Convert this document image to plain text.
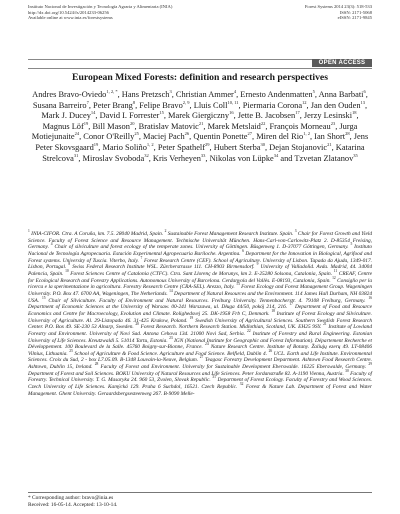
Instituto Nacional de Investigación y Tecnología Agraria y Alimentaria (INIA)
http://dx.doi.org/10.5424/fs/2014233-06256
Available online at www.inia.es/forestsystems
Forest Systems 2014 23(3): 518-533
ISSN: 2171-5068
eISSN: 2171-9845
OPEN ACCESS
European Mixed Forests: definition and research perspectives
Andres Bravo-Oviedo$^{1, 2, *}$, Hans Pretzsch$^3$, Christian Ammer$^4$, Ernesto Andenmatten$^5$, Anna Barbati$^6$, Susana Barreiro$^7$, Peter Brang$^8$, Felipe Bravo$^{2, 9}$, Lluis Coll$^{10, 11}$, Piermaria Corona$^{12}$, Jan den Ouden$^{13}$, Mark J. Ducey$^{14}$, David I. Forrester$^{15}$, Marek Giergiczny$^{16}$, Jette B. Jacobsen$^{17}$, Jerzy Lesinski$^{18}$, Magnus Löf$^{19}$, Bill Mason$^{20}$, Bratislav Matovic$^{21}$, Marek Metslaid$^{22}$, François Morneau$^{23}$, Jurga Motiejunaite$^{24}$, Conor O'Reilly$^{25}$, Maciej Pach$^{26}$, Quentin Ponette$^{27}$, Miren del Rio$^{1, 2}$, Ian Short$^{28}$, Jens Peter Skovsgaard$^{19}$, Mario Soliño$^{1, 2}$, Peter Spathelf$^{29}$, Hubert Sterba$^{30}$, Dejan Stojanovic$^{21}$, Katarina Strelcova$^{31}$, Miroslav Svoboda$^{32}$, Kris Verheyen$^{33}$, Nikolas von Lüpke$^{34}$ and Tzvetan Zlatanov$^{35}$
$^1$ INIA-CIFOR. Ctra. A Coruña, km. 7.5. 28040 Madrid, Spain. $^2$ Sustainable Forest Management Research Institute. Spain. $^3$ Chair for Forest Growth and Yield Science. Faculty of Forest Science and Resource Management. Technische Universität München. Hans-Carl-von-Carlowitz-Platz 2. D-85354 Freising, Germany. $^4$ Chair of silviculture and forest ecology of the temperate zones. University of Göttingen. Büsgenweg 1. D-37077 Göttingen, Germany. $^5$ Instituto Nacional de Tecnología Agropecuaria. Estación Experimental Agropecuaria Bariloche. Argentina. $^6$ Department for the Innovation in Biological, Agrifood and Forest systems. University of Tuscia. Viterbo, Italy. $^7$ Forest Research Centre (CEF). School of Agriculture. University of Lisbon. Tapada da Ajuda, 1349-017. Lisbon, Portugal. $^8$ Swiss Federal Research Institute WSL. Zürcherstrasse 111. CH-8903 Birmensdorf. $^9$ University of Valladolid. Avda. Madrid, 44. 34004 Palencia, Spain. $^{10}$ Forest Sciences Centre of Catalonia (CTFC). Ctra. Sant Llorenç de Morunys, km 2. E-25280 Solsona, Catalonia, Spain. $^{11}$ CREAF, Centre for Ecological Research and Forestry Applications. Autonomous University of Barcelona. Cerdanyola del Vallès. E-08193, Catalonia, Spain. $^{12}$ Consiglio per la ricerca e la sperimentazione in agricoltura. Forestry Research Centre (CRA-SEL). Arezzo, Italy. $^{13}$ Forest Ecology and Forest Management Group. Wageningen University. P.O. Box 47. 6700 AA, Wageningen, The Netherlands. $^{14}$ Department of Natural Resources and the Environment. 114 James Hall Durham, NH 03824 USA. $^{15}$ Chair of Silviculture. Faculty of Environment and Natural Resources. Freiburg University. Tennenbacherstr. 4. 79108 Freiburg, Germany. $^{16}$ Department of Economic Sciences at the University of Warsaw. 00-241 Warszawa, ul. Długa 44/50, pokój 214, 216. $^{17}$ Department of Food and Resource Economics and Centre for Macroecology, Evolution and Climate. Rolighedsvej 25. DK-1958 Frb C, Denmark. $^{18}$ Institute of Forest Ecology and Silviculture. University of Agriculture. Al. 29-Listopada 46. 31-425 Krakow, Poland. $^{19}$ Swedish University of Agricultural Sciences. Southern Swedish Forest Research Center. P.O. Box 49. SE-230 53 Alnarp, Sweden. $^{20}$ Forest Research. Northern Research Station. Midlothian, Scotland, UK. EH25 9SY. $^{21}$ Institute of Lowland Forestry and Environment. University of Novi Sad. Antona Cehova 13d. 21000 Novi Sad, Serbia. $^{22}$ Institute of Forestry and Rural Engineering. Estonian University of Life Sciences. Kreutzwaldi 5. 51014 Tartu, Estonia. $^{23}$ IGN (National Institute for Geographic and Forest Information). Département Recherche et Développement. 100 Boulevard de la Salle. 45760 Boigny-sur-Bionne, France. $^{24}$ Nature Research Centre. Institute of Botany. Žaliujų ezerų 49. LT-08406 Vilnius, Lithuania. $^{25}$ School of Agriculture & Food Science. Agriculture and Food Science. Belfield, Dublin 4. $^{26}$ UCL. Earth and Life Institute. Environmental Sciences. Croix du Sud, 2 - box L7.05.09. B-1348 Louvain-la-Neuve, Belgium. $^{27}$ Teagasc Forestry Development Department. Ashtown Food Research Centre. Ashtown, Dublin 15, Ireland. $^{28}$ Faculty of Forest and Environment. University for Sustainable Development Eberswalde. 16225 Eberswalde, Germany. $^{29}$ Department of Forest and Soil Sciences. BOKU University of Natural Resources and Life Sciences. Peter Jordanstraße 82. A-1190 Vienna, Austria. $^{30}$ Faculty of Forestry. Technical University. T. G. Masaryka 24. 960 53, Zvolen, Slovak Republic. $^{31}$ Department of Forest Ecology. Faculty of Forestry and Wood Sciences. Czech University of Life Sciences. Kamýcká 129. Praha 6 Suchdol, 16521. Czech Republic. $^{32}$ Forest & Nature Lab. Department of Forest and Water Management. Ghent University. Geraardsbergsesteenweg 267. B-9090 Melle-
* Corresponding author: bravo@inia.es
Received: 16-05-14. Accepted: 13-10-14.
